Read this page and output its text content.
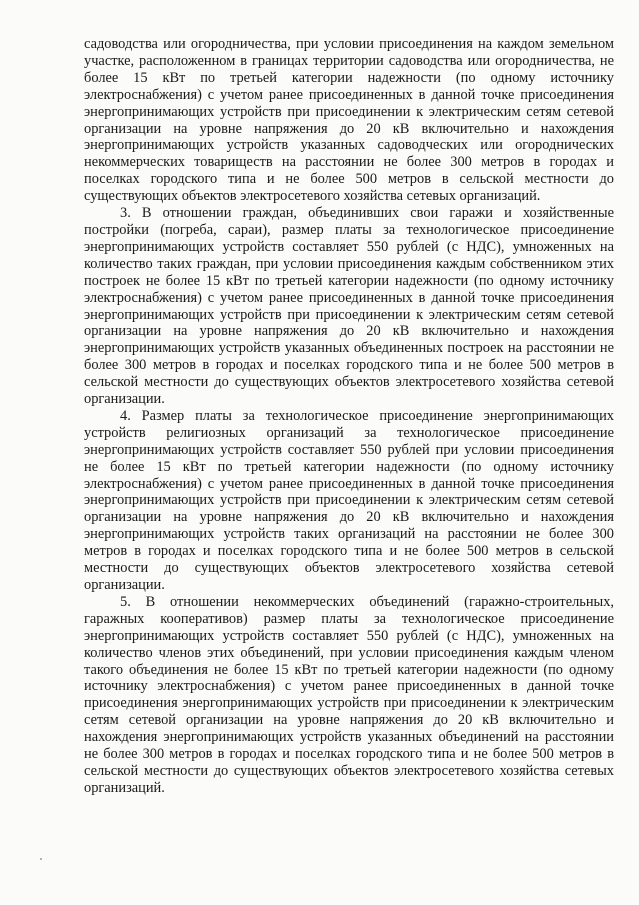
садоводства или огородничества, при условии присоединения на каждом земельном участке, расположенном в границах территории садоводства или огородничества, не более 15 кВт по третьей категории надежности (по одному источнику электроснабжения) с учетом ранее присоединенных в данной точке присоединения энергопринимающих устройств при присоединении к электрическим сетям сетевой организации на уровне напряжения до 20 кВ включительно и нахождения энергопринимающих устройств указанных садоводческих или огороднических некоммерческих товариществ на расстоянии не более 300 метров в городах и поселках городского типа и не более 500 метров в сельской местности до существующих объектов электросетевого хозяйства сетевых организаций.

3. В отношении граждан, объединивших свои гаражи и хозяйственные постройки (погреба, сараи), размер платы за технологическое присоединение энергопринимающих устройств составляет 550 рублей (с НДС), умноженных на количество таких граждан, при условии присоединения каждым собственником этих построек не более 15 кВт по третьей категории надежности (по одному источнику электроснабжения) с учетом ранее присоединенных в данной точке присоединения энергопринимающих устройств при присоединении к электрическим сетям сетевой организации на уровне напряжения до 20 кВ включительно и нахождения энергопринимающих устройств указанных объединенных построек на расстоянии не более 300 метров в городах и поселках городского типа и не более 500 метров в сельской местности до существующих объектов электросетевого хозяйства сетевой организации.

4. Размер платы за технологическое присоединение энергопринимающих устройств религиозных организаций за технологическое присоединение энергопринимающих устройств составляет 550 рублей при условии присоединения не более 15 кВт по третьей категории надежности (по одному источнику электроснабжения) с учетом ранее присоединенных в данной точке присоединения энергопринимающих устройств при присоединении к электрическим сетям сетевой организации на уровне напряжения до 20 кВ включительно и нахождения энергопринимающих устройств таких организаций на расстоянии не более 300 метров в городах и поселках городского типа и не более 500 метров в сельской местности до существующих объектов электросетевого хозяйства сетевой организации.

5. В отношении некоммерческих объединений (гаражно-строительных, гаражных кооперативов) размер платы за технологическое присоединение энергопринимающих устройств составляет 550 рублей (с НДС), умноженных на количество членов этих объединений, при условии присоединения каждым членом такого объединения не более 15 кВт по третьей категории надежности (по одному источнику электроснабжения) с учетом ранее присоединенных в данной точке присоединения энергопринимающих устройств при присоединении к электрическим сетям сетевой организации на уровне напряжения до 20 кВ включительно и нахождения энергопринимающих устройств указанных объединений на расстоянии не более 300 метров в городах и поселках городского типа и не более 500 метров в сельской местности до существующих объектов электросетевого хозяйства сетевых организаций.
